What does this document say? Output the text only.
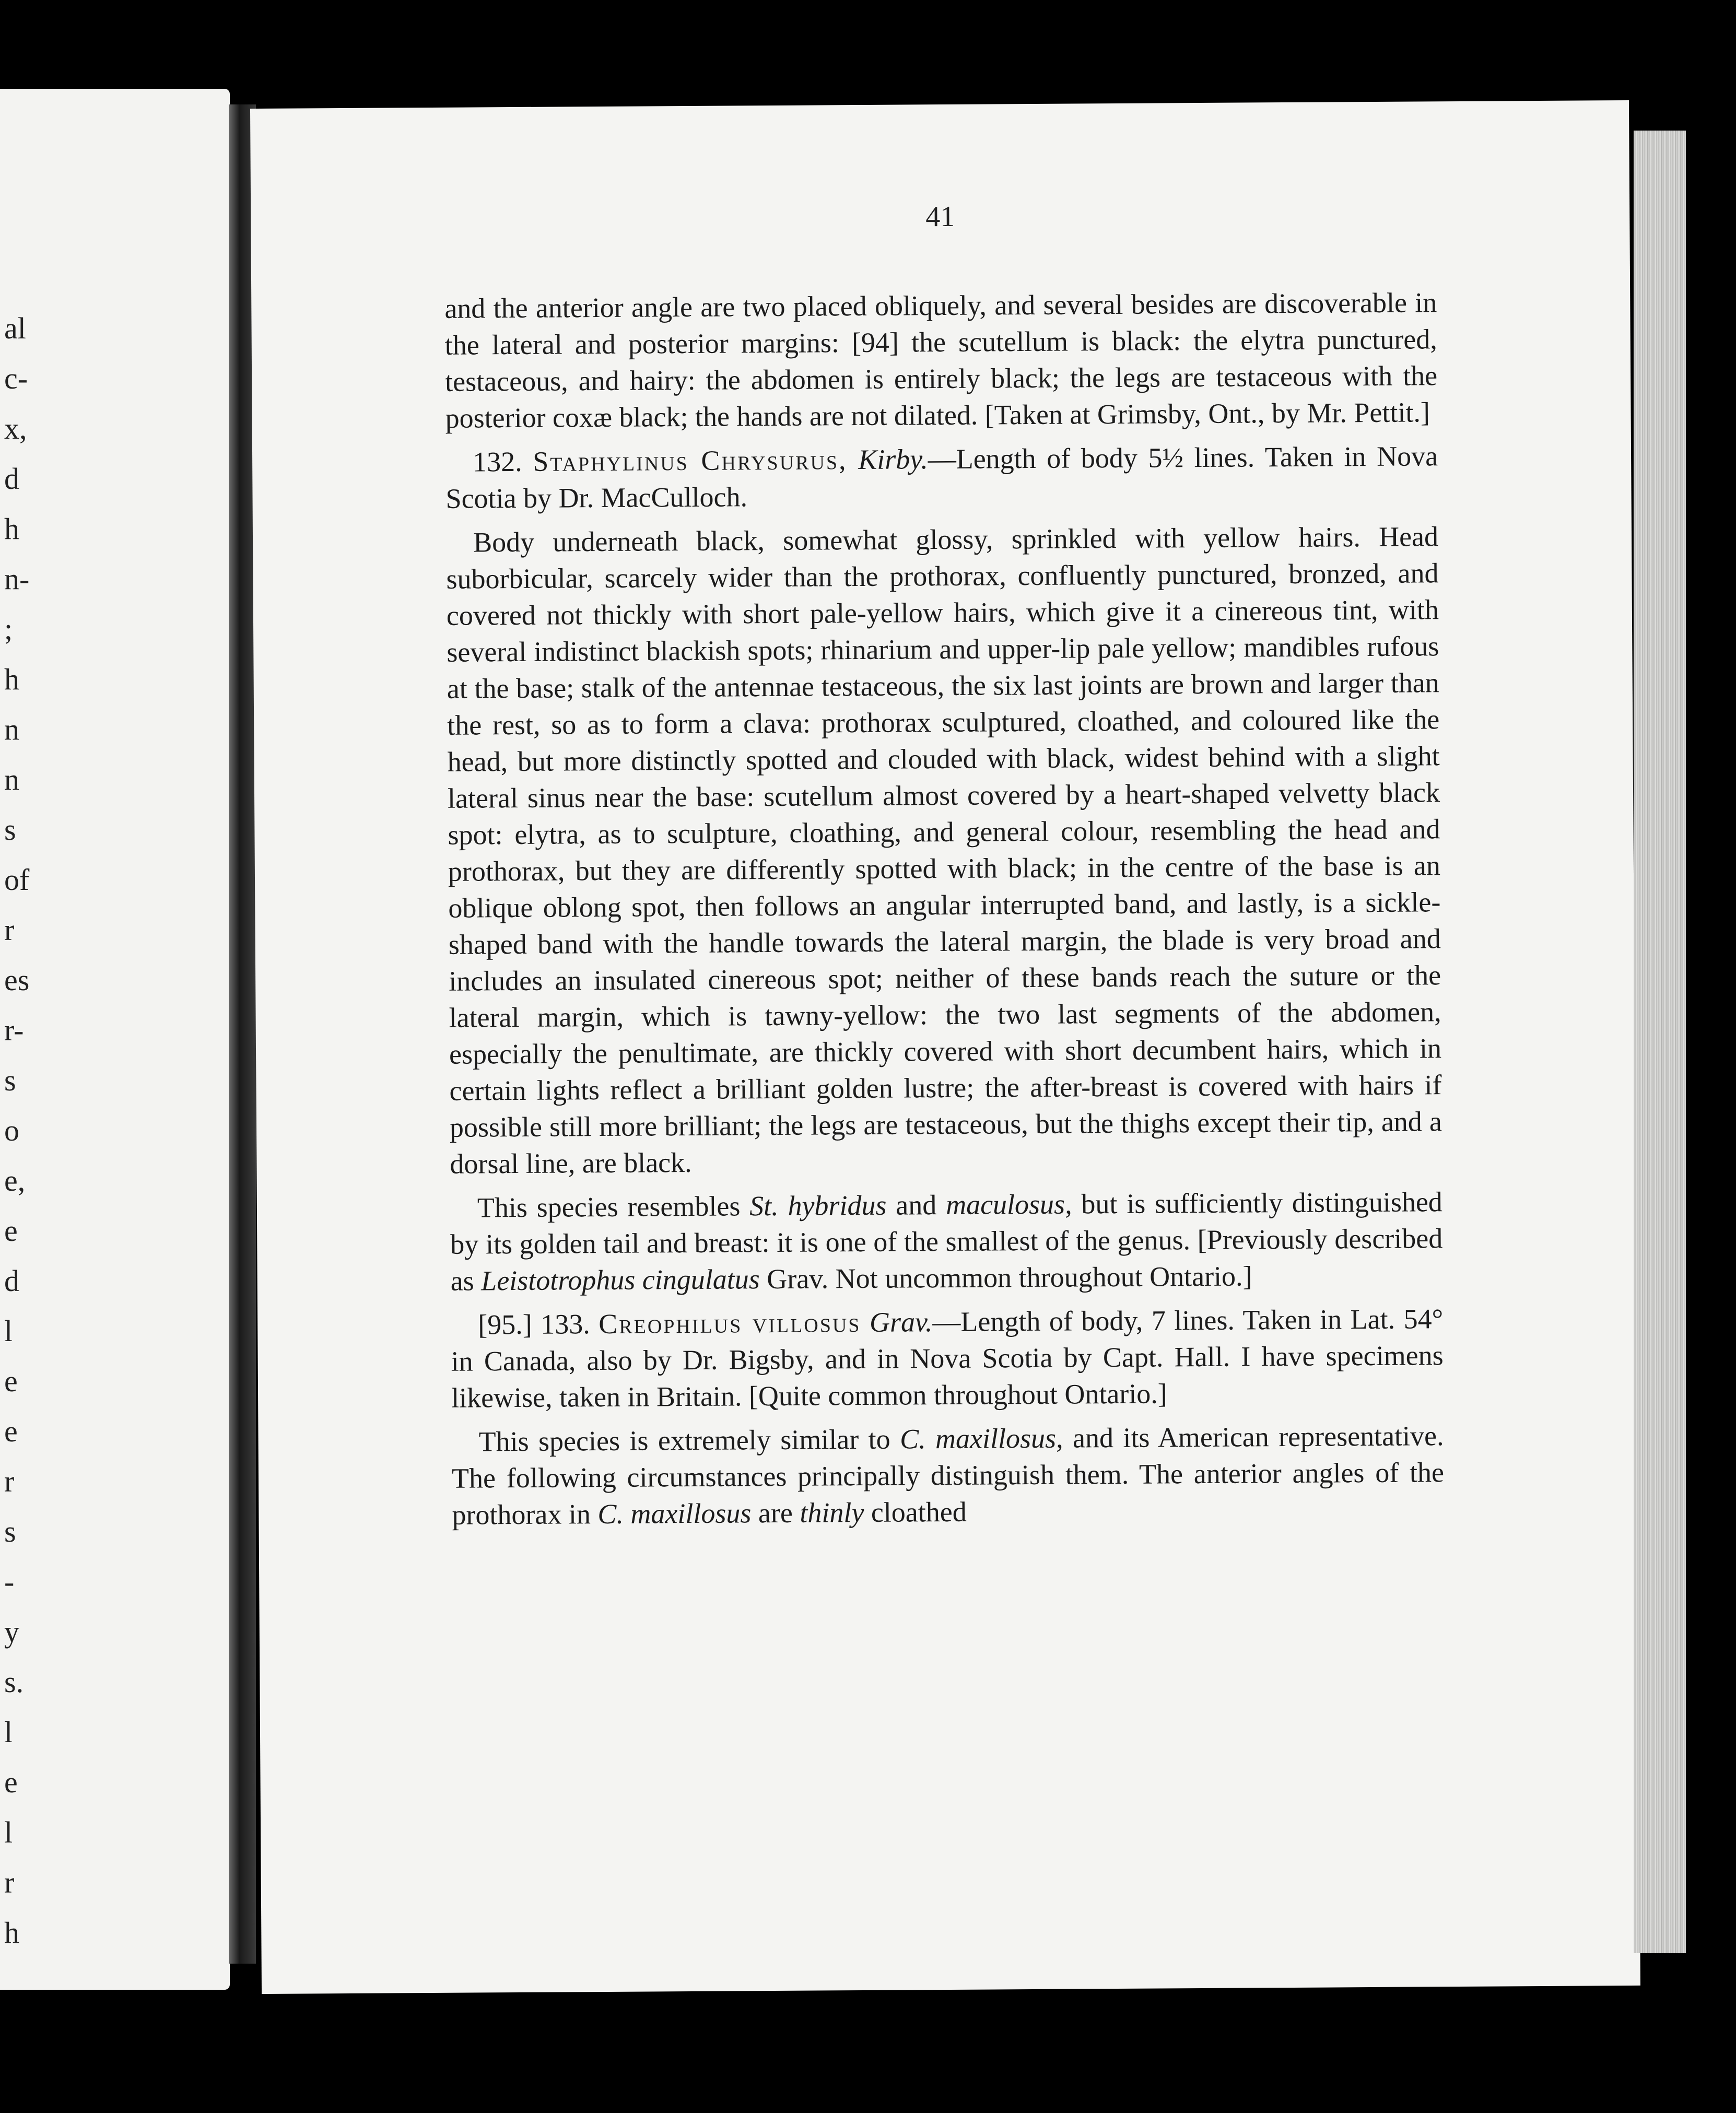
al
c-
x,
d
h
n-
;
h
n
n
s
of
r
es
r-
s
o
e,
e
d
l
e
e
r
s
-
y
s.
l
e
l
r
h
41

and the anterior angle are two placed obliquely, and several besides are discoverable in the lateral and posterior margins: [94] the scutellum is black: the elytra punctured, testaceous, and hairy: the abdomen is entirely black; the legs are testaceous with the posterior coxæ black; the hands are not dilated. [Taken at Grimsby, Ont., by Mr. Pettit.]

132. Staphylinus Chrysurus, Kirby.—Length of body 5½ lines. Taken in Nova Scotia by Dr. MacCulloch.

Body underneath black, somewhat glossy, sprinkled with yellow hairs. Head suborbicular, scarcely wider than the prothorax, confluently punctured, bronzed, and covered not thickly with short pale-yellow hairs, which give it a cinereous tint, with several indistinct blackish spots; rhinarium and upper-lip pale yellow; mandibles rufous at the base; stalk of the antennae testaceous, the six last joints are brown and larger than the rest, so as to form a clava: prothorax sculptured, cloathed, and coloured like the head, but more distinctly spotted and clouded with black, widest behind with a slight lateral sinus near the base: scutellum almost covered by a heart-shaped velvetty black spot: elytra, as to sculpture, cloathing, and general colour, resembling the head and prothorax, but they are differently spotted with black; in the centre of the base is an oblique oblong spot, then follows an angular interrupted band, and lastly, is a sickle-shaped band with the handle towards the lateral margin, the blade is very broad and includes an insulated cinereous spot; neither of these bands reach the suture or the lateral margin, which is tawny-yellow: the two last segments of the abdomen, especially the penultimate, are thickly covered with short decumbent hairs, which in certain lights reflect a brilliant golden lustre; the after-breast is covered with hairs if possible still more brilliant; the legs are testaceous, but the thighs except their tip, and a dorsal line, are black.

This species resembles St. hybridus and maculosus, but is sufficiently distinguished by its golden tail and breast: it is one of the smallest of the genus. [Previously described as Leistotrophus cingulatus Grav. Not uncommon throughout Ontario.]

[95.] 133. Creophilus villosus Grav.—Length of body, 7 lines. Taken in Lat. 54° in Canada, also by Dr. Bigsby, and in Nova Scotia by Capt. Hall. I have specimens likewise, taken in Britain. [Quite common throughout Ontario.]

This species is extremely similar to C. maxillosus, and its American representative. The following circumstances principally distinguish them. The anterior angles of the prothorax in C. maxillosus are thinly cloathed
